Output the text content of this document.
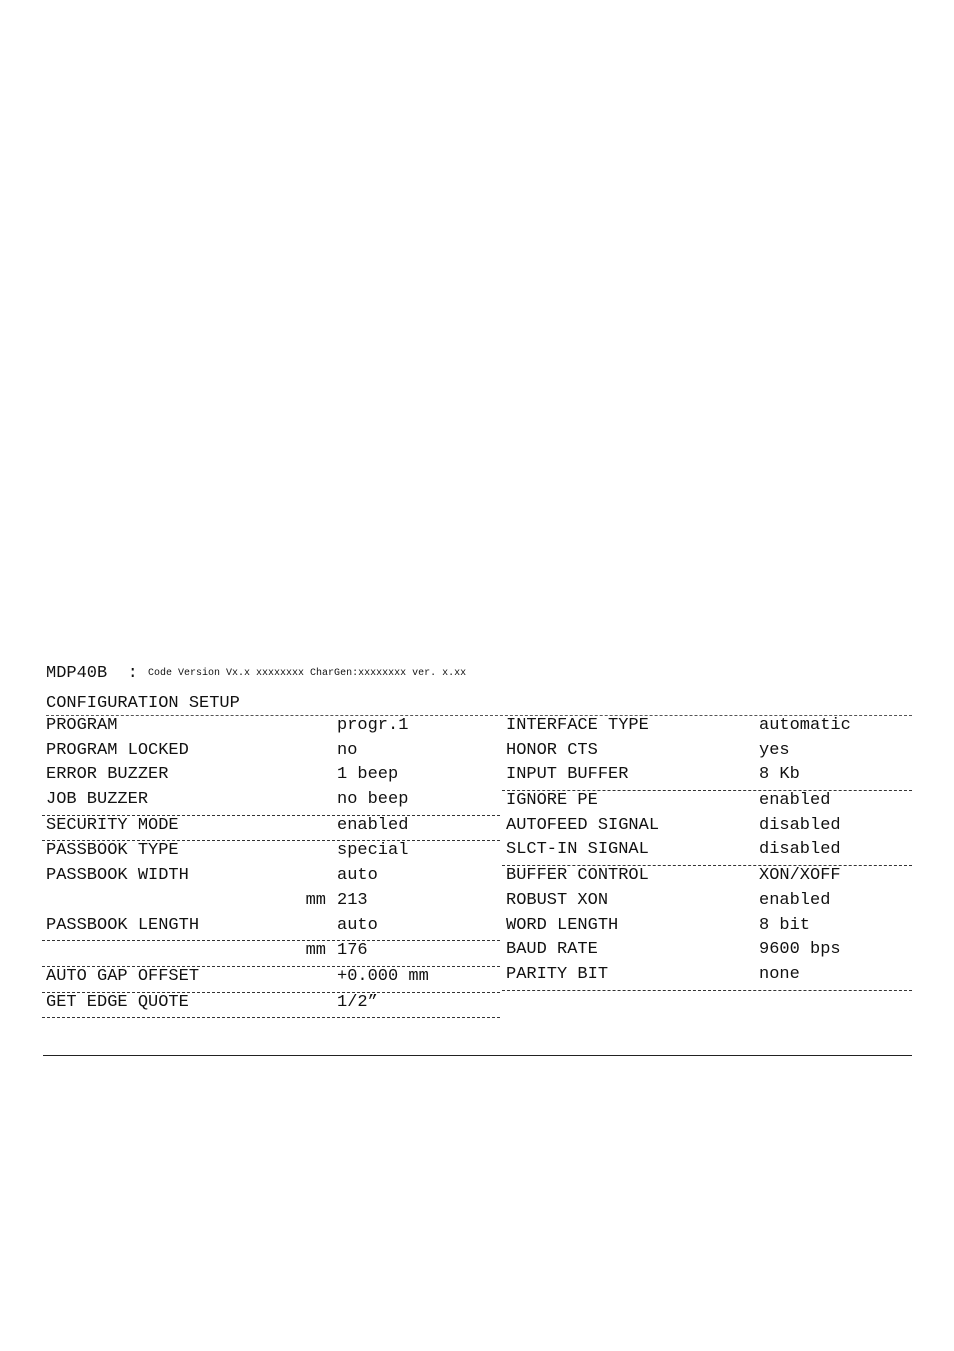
MDP40B : Code Version Vx.x xxxxxxxx CharGen:xxxxxxxx ver. x.xx
CONFIGURATION SETUP
PROGRAM	progr.1
PROGRAM LOCKED	no
ERROR BUZZER	1 beep
JOB BUZZER	no beep
SECURITY MODE	enabled
PASSBOOK TYPE	special
PASSBOOK WIDTH	auto
mm 213
PASSBOOK LENGTH	auto
mm 176
AUTO GAP OFFSET	+0.000 mm
GET EDGE QUOTE	1/2”
INTERFACE TYPE	automatic
HONOR CTS	yes
INPUT BUFFER	8 Kb
IGNORE PE	enabled
AUTOFEED SIGNAL	disabled
SLCT-IN SIGNAL	disabled
BUFFER CONTROL	XON/XOFF
ROBUST XON	enabled
WORD LENGTH	8 bit
BAUD RATE	9600 bps
PARITY BIT	none
